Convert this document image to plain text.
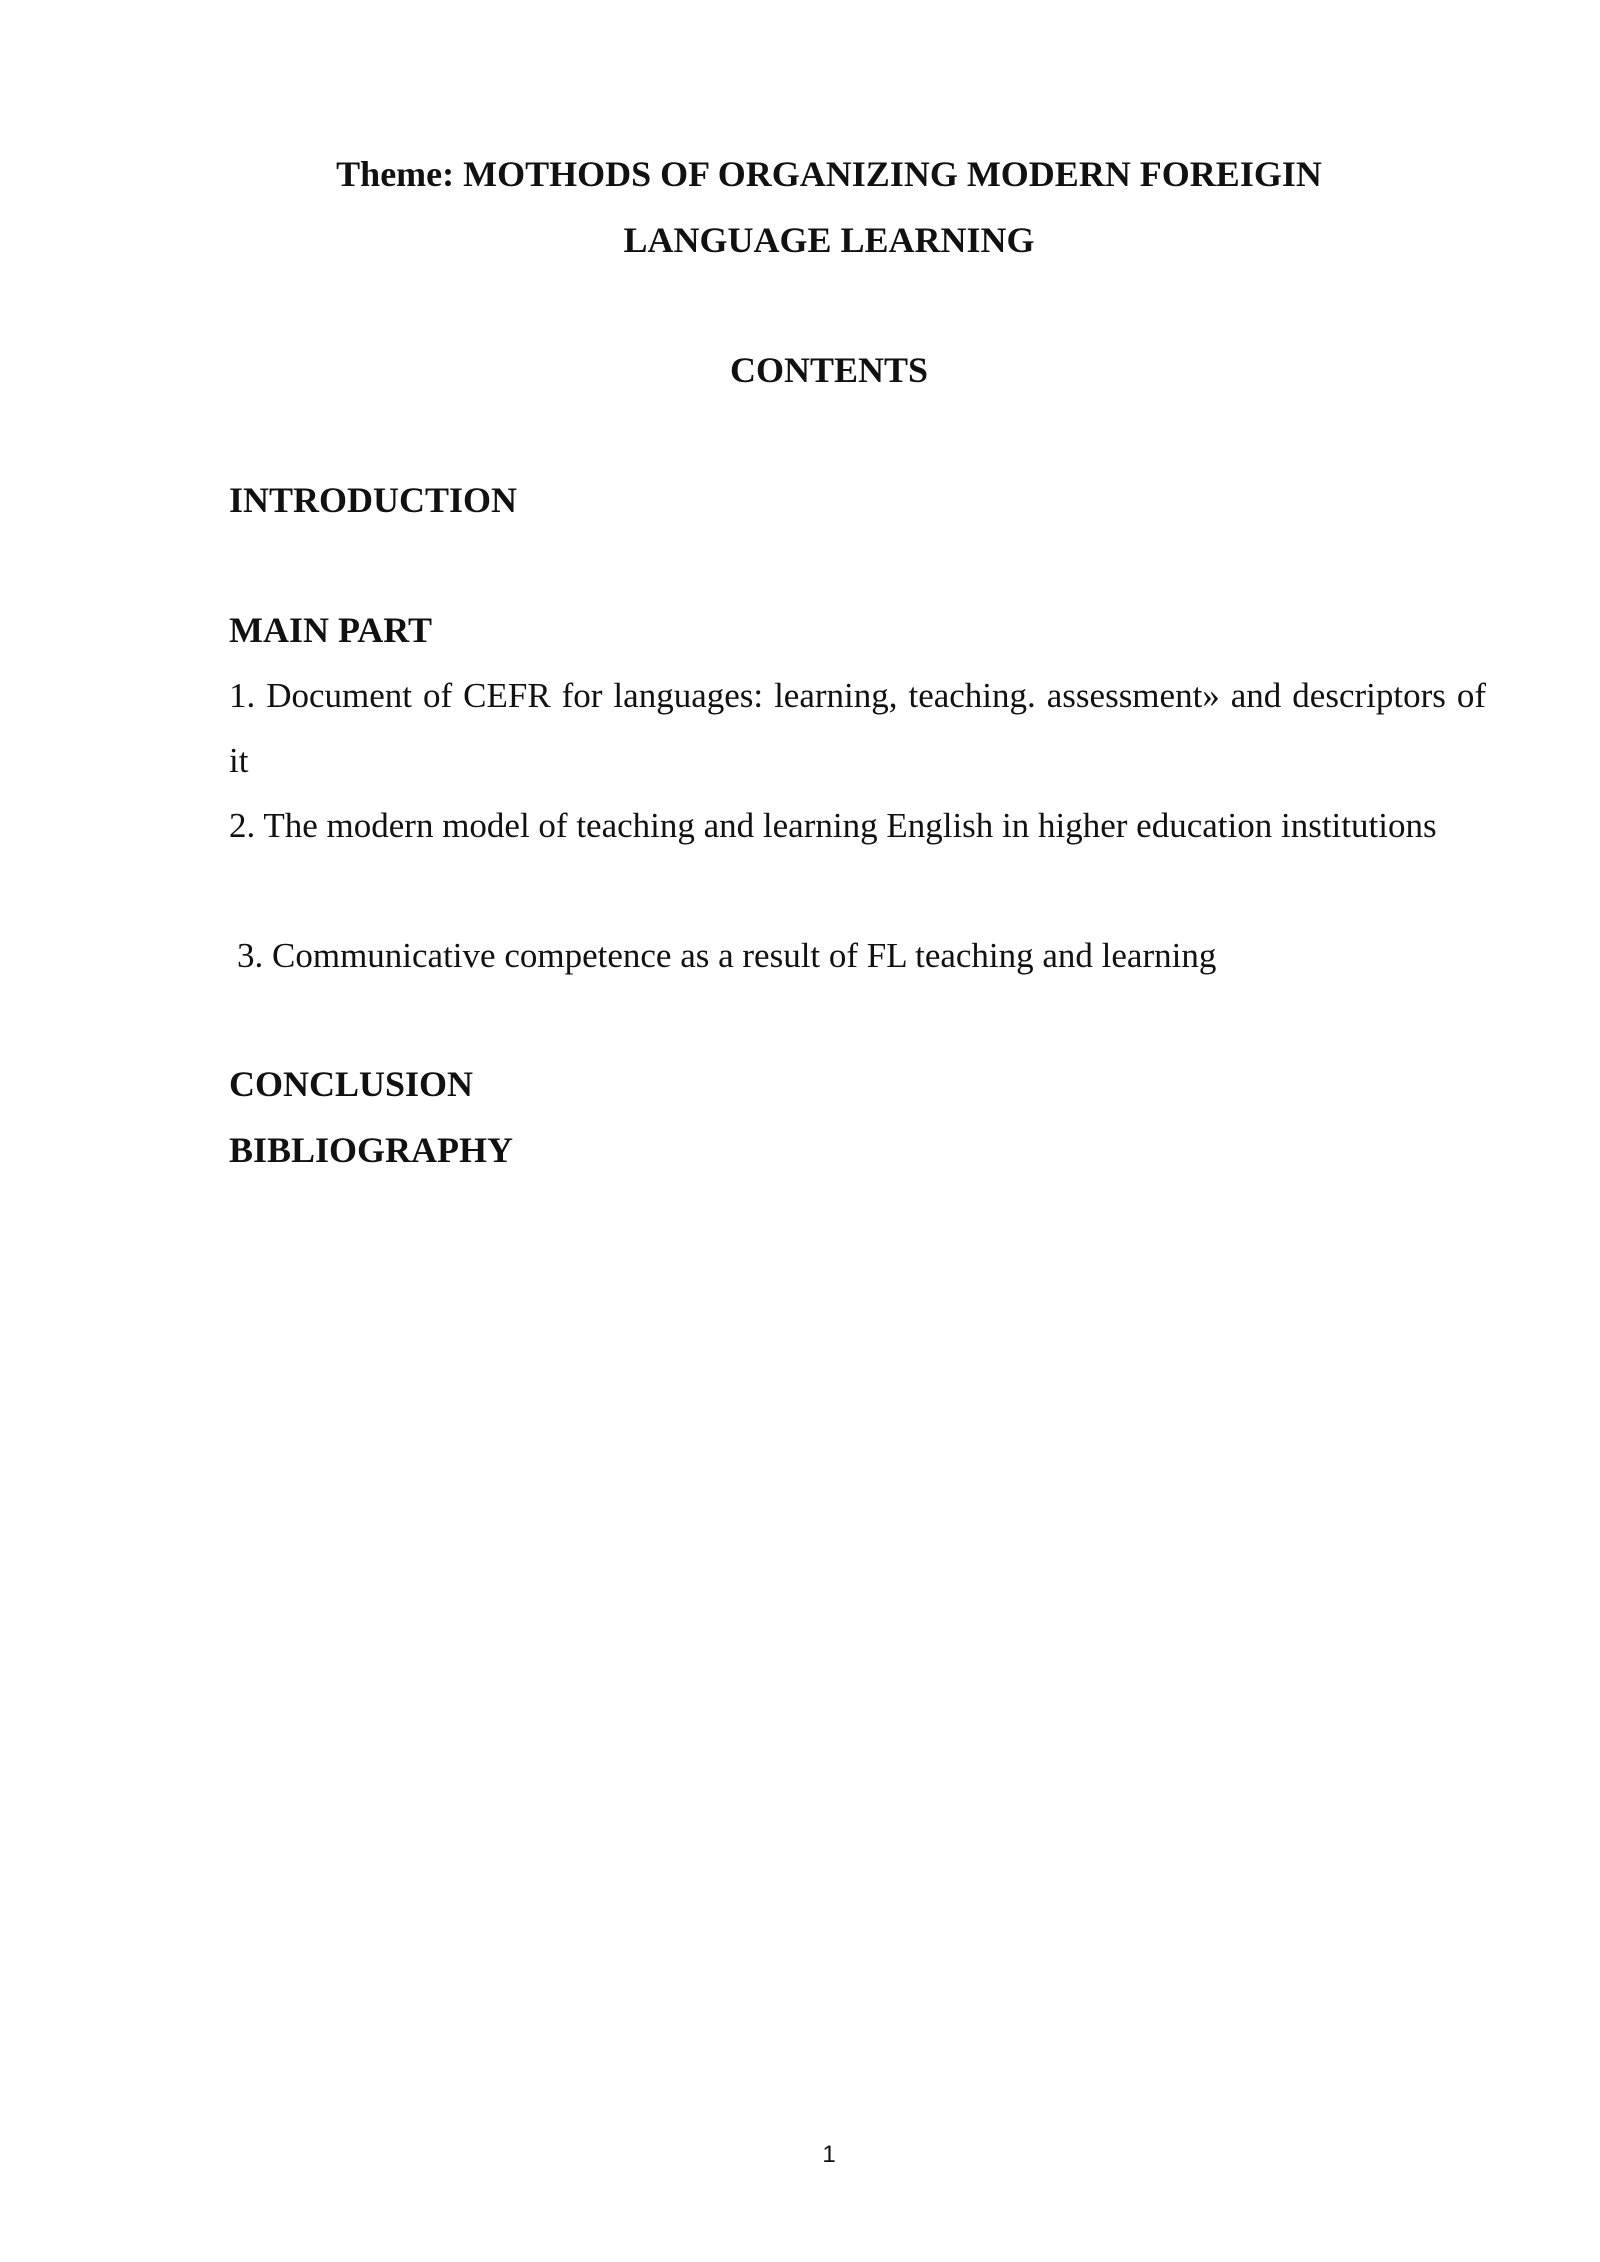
Theme: MOTHODS OF ORGANIZING MODERN FOREIGIN
LANGUAGE LEARNING
CONTENTS
INTRODUCTION
MAIN PART
1. Document of CEFR for languages: learning, teaching. assessment» and descriptors of it
2. The modern model of teaching and learning English in higher education institutions
3. Communicative competence as a result of FL teaching and learning
CONCLUSION
BIBLIOGRAPHY
1
